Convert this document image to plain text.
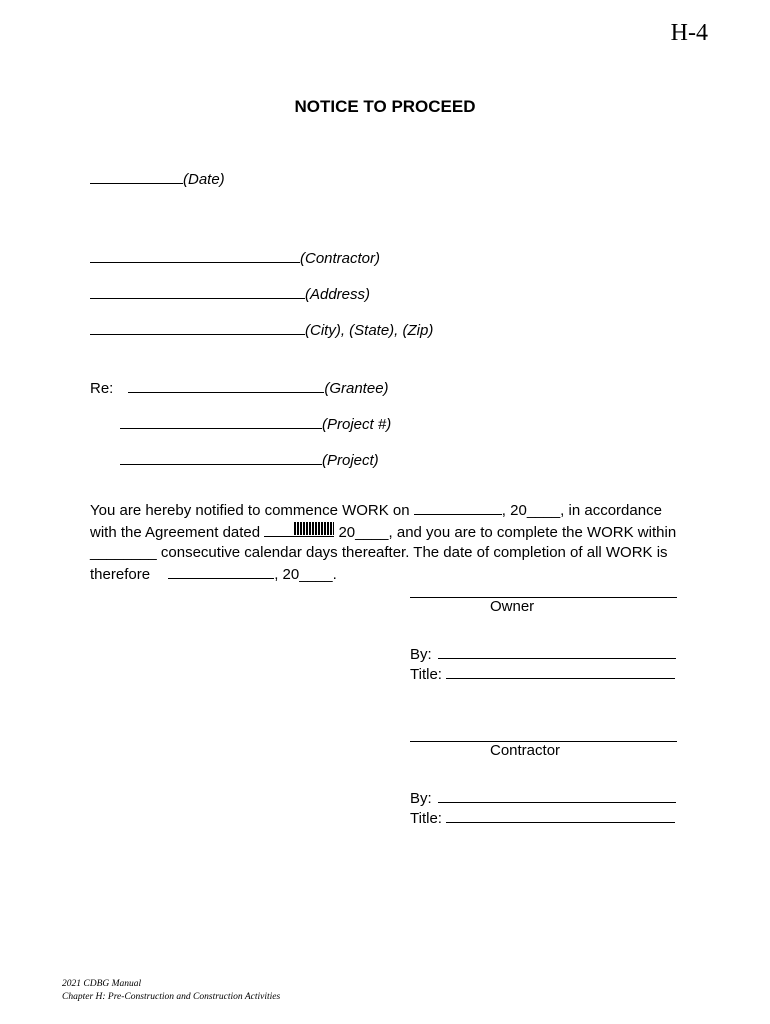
H-4
NOTICE TO PROCEED
(Date)
(Contractor)
(Address)
(City), (State), (Zip)
Re:	(Grantee)
(Project #)
(Project)
You are hereby notified to commence WORK on	, 20____, in accordance
with the Agreement dated	20____, and you are to complete the WORK within
________ consecutive calendar days thereafter. The date of completion of all WORK is
therefore	, 20____.
Owner
By:
Title:
Contractor
By:
Title:
2021 CDBG Manual
Chapter H: Pre-Construction and Construction Activities
